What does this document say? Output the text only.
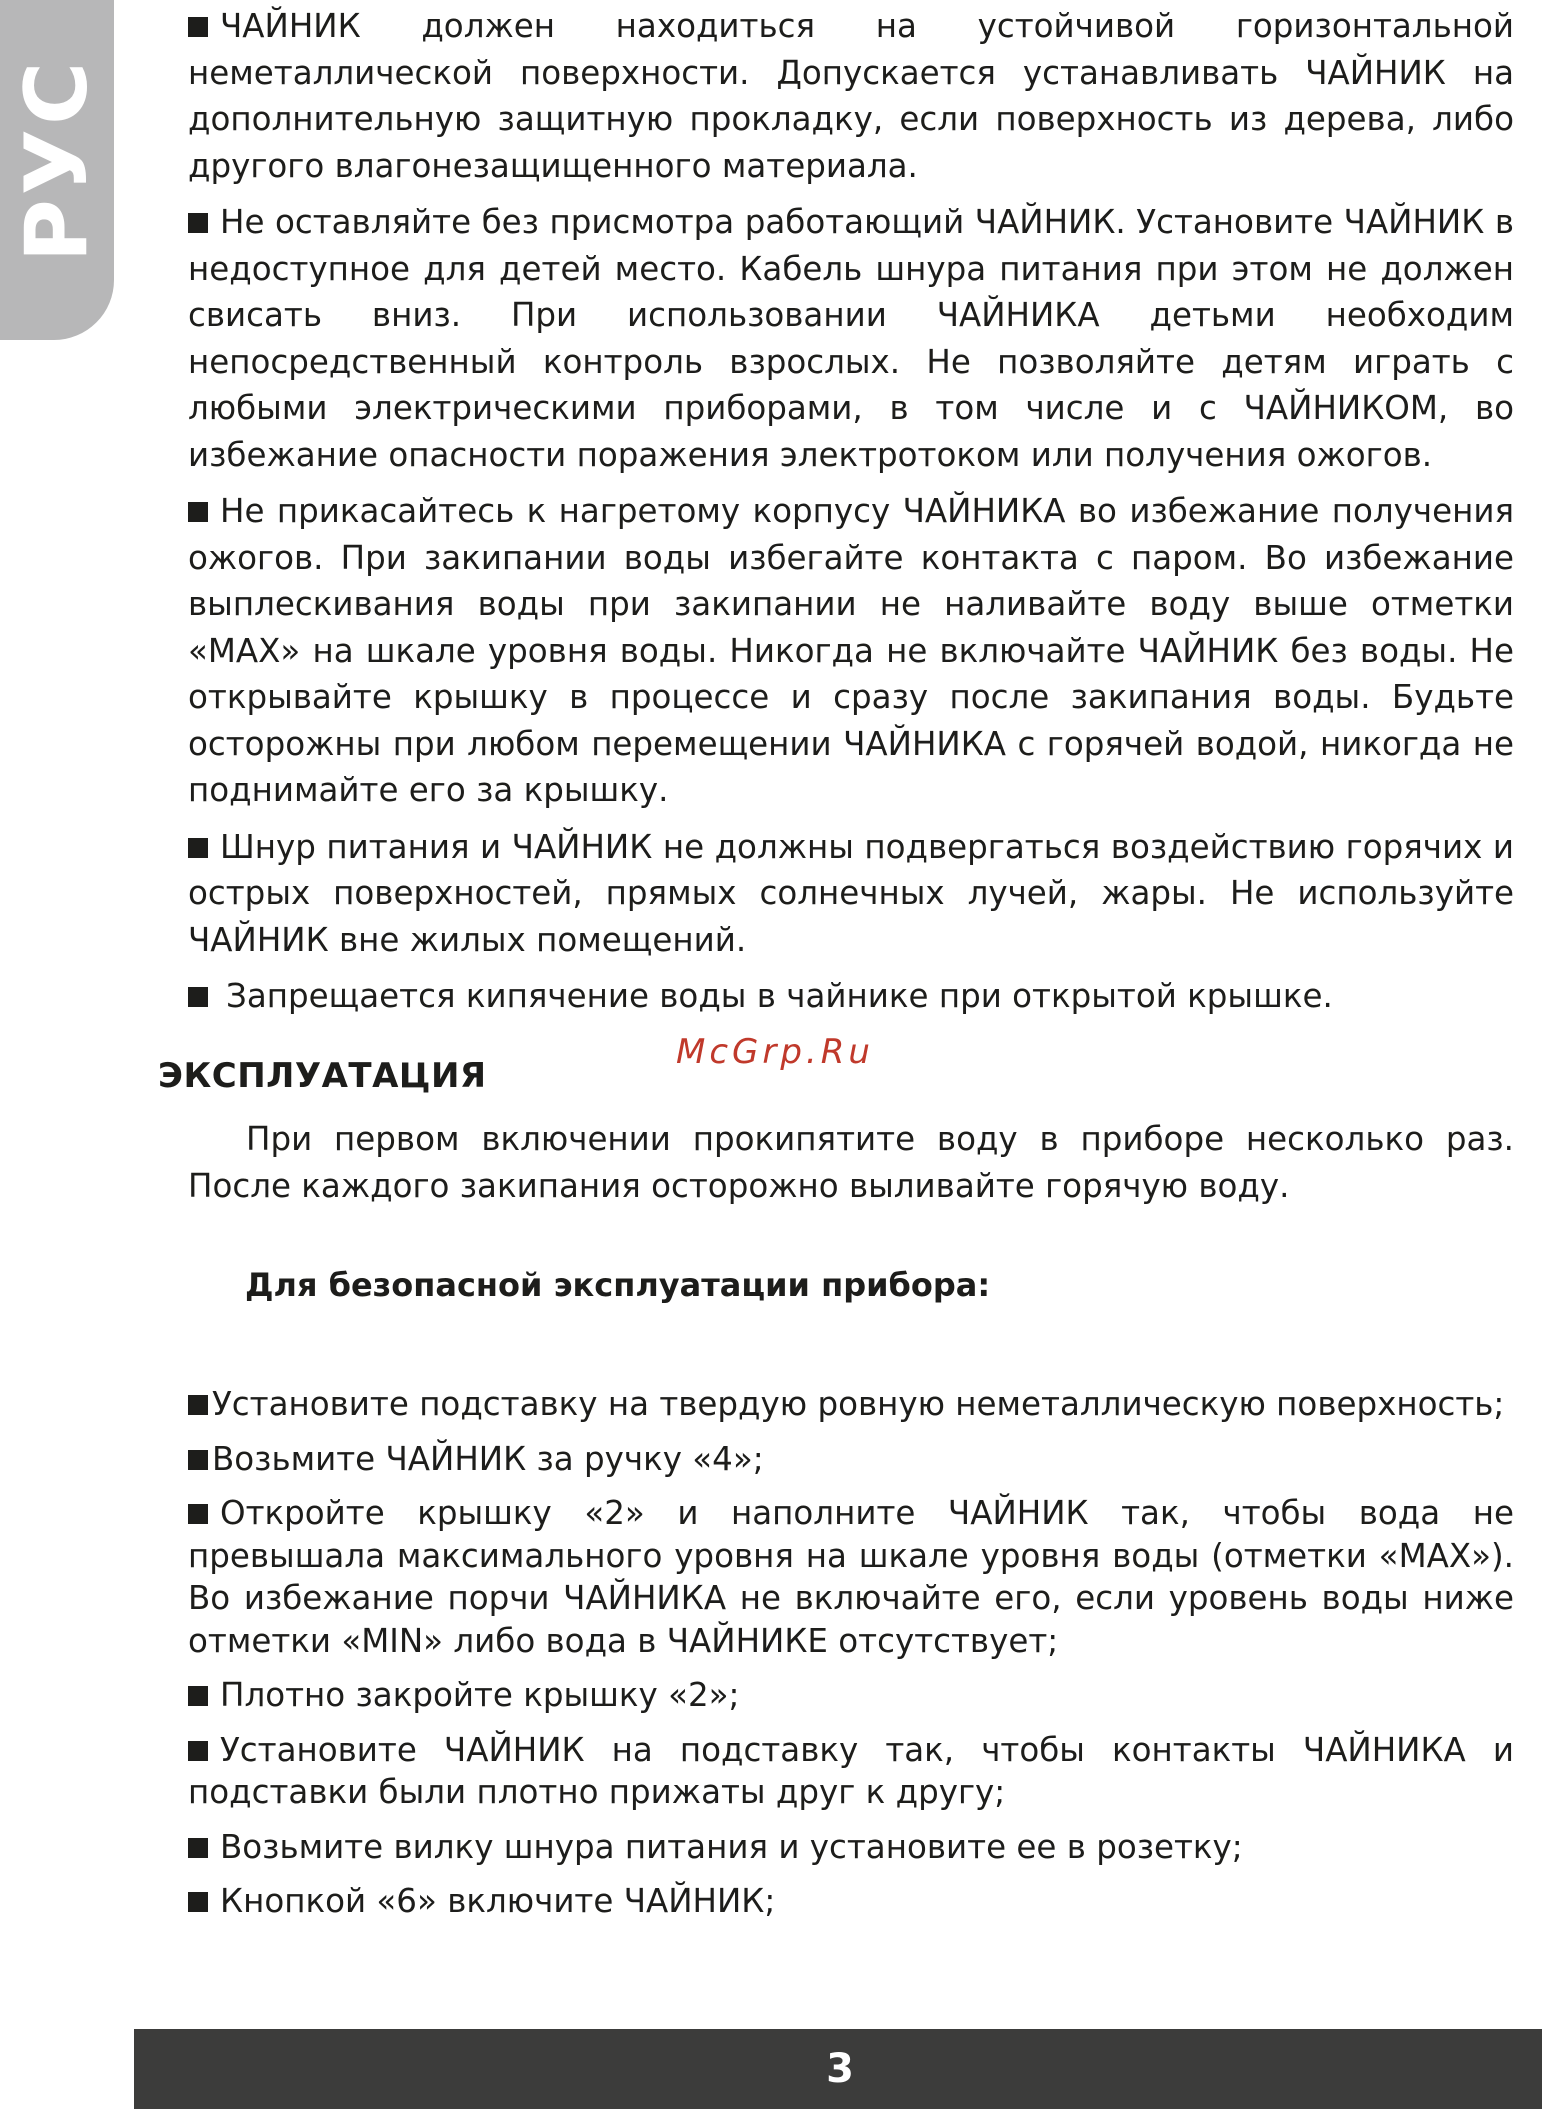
РУС

ЧАЙНИК должен находиться на устойчивой горизонтальной неметаллической поверхности. Допускается устанавливать ЧАЙНИК на дополнительную защитную прокладку, если поверхность из дерева, либо другого влагонезащищенного материала.

Не оставляйте без присмотра работающий ЧАЙНИК. Установите ЧАЙНИК в недоступное для детей место. Кабель шнура питания при этом не должен свисать вниз. При использовании ЧАЙНИКА детьми необходим непосредственный контроль взрослых. Не позволяйте детям играть с любыми электрическими приборами, в том числе и с ЧАЙНИКОМ, во избежание опасности поражения электротоком или получения ожогов.

Не прикасайтесь к нагретому корпусу ЧАЙНИКА во избежание получения ожогов. При закипании воды избегайте контакта с паром. Во избежание выплескивания воды при закипании не наливайте воду выше отметки «MAX» на шкале уровня воды. Никогда не включайте ЧАЙНИК без воды. Не открывайте крышку в процессе и сразу после закипания воды. Будьте осторожны при любом перемещении ЧАЙНИКА с горячей водой, никогда не поднимайте его за крышку.

Шнур питания и ЧАЙНИК не должны подвергаться воздействию горячих и острых поверхностей, прямых солнечных лучей, жары. Не используйте ЧАЙНИК вне жилых помещений.

Запрещается кипячение воды в чайнике при открытой крышке.

McGrp.Ru

ЭКСПЛУАТАЦИЯ

При первом включении прокипятите воду в приборе несколько раз. После каждого закипания осторожно выливайте горячую воду.

Для безопасной эксплуатации прибора:

Установите подставку на твердую ровную неметаллическую поверхность;

Возьмите ЧАЙНИК за ручку «4»;

Откройте крышку «2» и наполните ЧАЙНИК так, чтобы вода не превышала максимального уровня на шкале уровня воды (отметки «MAX»). Во избежание порчи ЧАЙНИКА не включайте его, если уровень воды ниже отметки «MIN» либо вода в ЧАЙНИКЕ отсутствует;

Плотно закройте крышку «2»;

Установите ЧАЙНИК на подставку так, чтобы контакты ЧАЙНИКА и подставки были плотно прижаты друг к другу;

Возьмите вилку шнура питания и установите ее в розетку;

Кнопкой «6» включите ЧАЙНИК;

3
